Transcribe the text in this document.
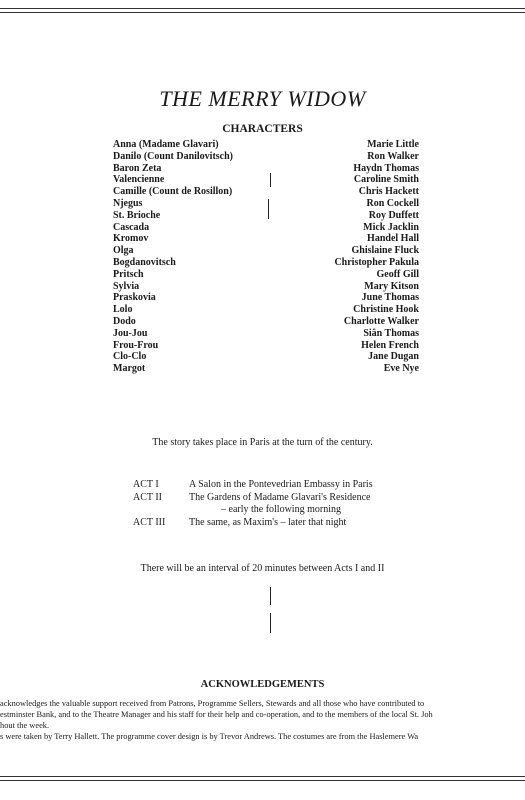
THE MERRY WIDOW
CHARACTERS
Anna (Madame Glavari)	Marie Little
Danilo (Count Danilovitsch)	Ron Walker
Baron Zeta	Haydn Thomas
Valencienne	Caroline Smith
Camille (Count de Rosillon)	Chris Hackett
Njegus	Ron Cockell
St. Brioche	Roy Duffett
Cascada	Mick Jacklin
Kromov	Handel Hall
Olga	Ghislaine Fluck
Bogdanovitsch	Christopher Pakula
Pritsch	Geoff Gill
Sylvia	Mary Kitson
Praskovia	June Thomas
Lolo	Christine Hook
Dodo	Charlotte Walker
Jou-Jou	Siân Thomas
Frou-Frou	Helen French
Clo-Clo	Jane Dugan
Margot	Eve Nye
The story takes place in Paris at the turn of the century.
ACT I	A Salon in the Pontevedrian Embassy in Paris
ACT II	The Gardens of Madame Glavari's Residence
– early the following morning
ACT III	The same, as Maxim's – later that night
There will be an interval of 20 minutes between Acts I and II
ACKNOWLEDGEMENTS
acknowledges the valuable support received from Patrons, Programme Sellers, Stewards and all those who have contributed to
estminster Bank, and to the Theatre Manager and his staff for their help and co-operation, and to the members of the local St. Joh
hout the week.
s were taken by Terry Hallett. The programme cover design is by Trevor Andrews. The costumes are from the Haslemere Wa
